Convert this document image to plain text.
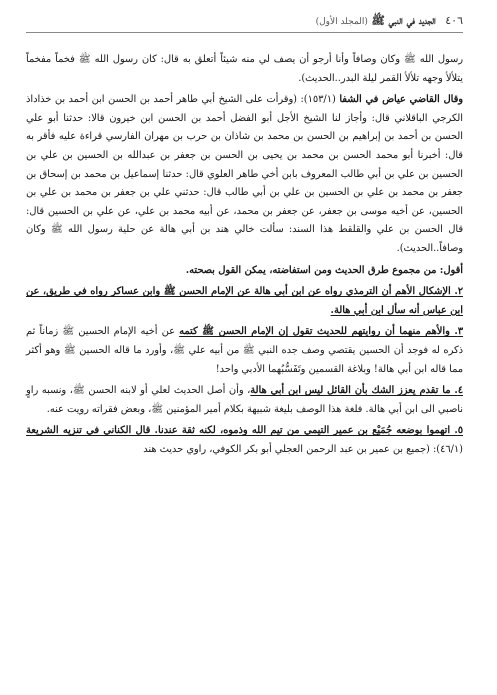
٤٠٦ الجديد في النبي ﷺ (المجلد الأول)

رسول الله ﷺ وكان وصافاً وأنا أرجو أن يصف لي منه شيئاً أتعلق به قال: كان رسول الله ﷺ فخماً مفخماً يتلألأ وجهه تلألأ القمر ليلة البدر..الحديث).

وقال القاضي عياض في الشفا (١٥٣/١): (وقرأت على الشيخ أبي طاهر أحمد بن الحسن ابن أحمد بن خذاداذ الكرجي الباقلاني قال: وأجاز لنا الشيخ الأجل أبو الفضل أحمد بن الحسن ابن خيرون قالا: حدثنا أبو علي الحسن بن أحمد بن إبراهيم بن الحسن بن محمد بن شاذان بن حرب بن مهران الفارسي قراءة عليه فأقر به قال: أخبرنا أبو محمد الحسن بن محمد بن يحيى بن الحسن بن جعفر بن عبدالله بن الحسين بن علي بن الحسين بن علي بن أبي طالب المعروف بابن أخي طاهر العلوي قال: حدثنا إسماعيل بن محمد بن إسحاق بن جعفر بن محمد بن علي بن الحسين بن علي بن أبي طالب قال: حدثني علي بن جعفر بن محمد بن علي بن الحسين، عن أخيه موسى بن جعفر، عن جعفر بن محمد، عن أبيه محمد بن علي، عن علي بن الحسين قال: قال الحسن بن علي والقلقط هذا السند: سألت خالي هند بن أبي هالة عن حلية رسول الله ﷺ وكان وصافاً..الحديث).

أقول: من مجموع طرق الحديث ومن استفاضته، يمكن القول بصحته.

٢. الإشكال الأهم أن الترمذي رواه عن ابن أبي هالة عن الإمام الحسن ﷺ وابن عساكر رواه في طريق، عن ابن عباس أنه سأل ابن أبي هالة.

٣. والأهم منهما أن روايتهم للحديث تقول إن الإمام الحسن ﷺ كتمه عن أخيه الإمام الحسين ﷺ زماناً ثم ذكره له فوجد أن الحسين يقتصي وصف جده النبي ﷺ من أبيه علي ﷺ، وأورد ما قاله الحسين ﷺ وهو أكثر مما قاله ابن أبي هالة! وبلاغة القسمين وتَفَسُّبُهما الأدبي واحد!

٤. ما تقدم يعزز الشك بأن القائل ليس ابن أبي هالة، وأن أصل الحديث لعلي أو لابنه الحسن ﷺ، ونسبه راوٍ ناصبي الى ابن أبي هالة. فلغة هذا الوصف بليغة شبيهة بكلام أمير المؤمنين ﷺ، وبعض فقراته رويت عنه.

٥. اتهموا بوضعه جُمَيْع بن عمير التيمي من تيم الله وذموه، لكنه ثقة عندنا. قال الكناني في تنزيه الشريعة (٤٦/١): (جميع بن عمير بن عبد الرحمن العجلي أبو بكر الكوفي، راوي حديث هند
